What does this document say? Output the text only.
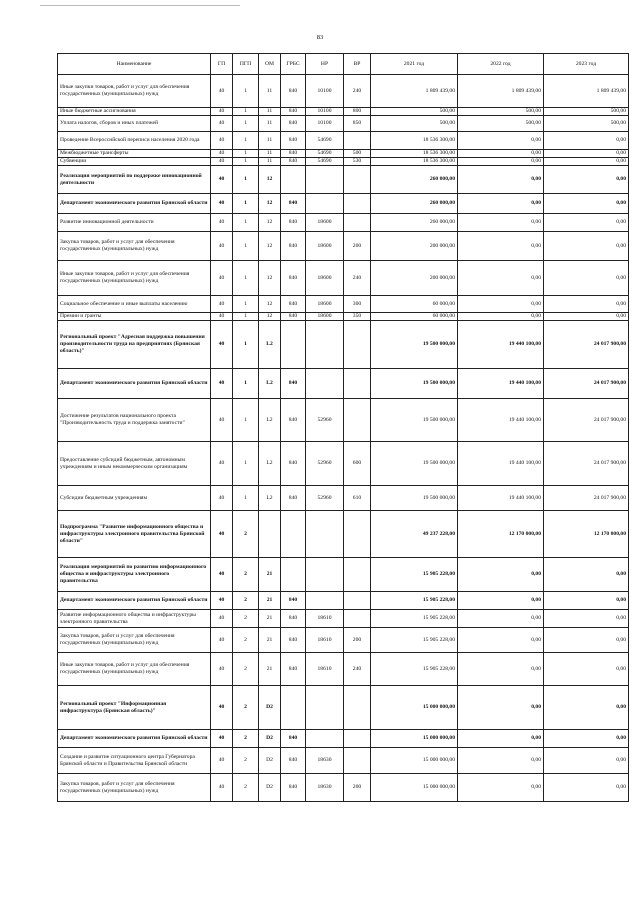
83
Наименование	ГП	ПГП	ОМ	ГРБС	НР	ВР	2021 год	2022 год	2023 год
Иные закупки товаров, работ и услуг для обеспечения государственных (муниципальных) нужд	40	1	11	840	10100	240	1 809 439,00	1 809 439,00	1 809 439,00
Иные бюджетные ассигнования	40	1	11	840	10100	800	500,00	500,00	500,00
Уплата налогов, сборов и иных платежей	40	1	11	840	10100	850	500,00	500,00	500,00
Проведение Всероссийской переписи населения 2020 года	40	1	11	840	54690		18 536 300,00	0,00	0,00
Межбюджетные трансферты	40	1	11	840	54690	500	18 536 300,00	0,00	0,00
Субвенции	40	1	11	840	54690	530	18 536 300,00	0,00	0,00
Реализация мероприятий по поддержке инновационной деятельности	40	1	12				260 000,00	0,00	0,00
Департамент экономического развития Брянской области	40	1	12	840			260 000,00	0,00	0,00
Развитие инновационной деятельности	40	1	12	840	18600		260 000,00	0,00	0,00
Закупка товаров, работ и услуг для обеспечения государственных (муниципальных) нужд	40	1	12	840	18600	200	200 000,00	0,00	0,00
Иные закупки товаров, работ и услуг для обеспечения государственных (муниципальных) нужд	40	1	12	840	18600	240	200 000,00	0,00	0,00
Социальное обеспечение и иные выплаты населению	40	1	12	840	18600	300	60 000,00	0,00	0,00
Премии и гранты	40	1	12	840	18600	350	60 000,00	0,00	0,00
Региональный проект "Адресная поддержка повышения производительности труда на предприятиях (Брянская область)"	40	1	L2				19 500 000,00	19 440 100,00	24 017 900,00
Департамент экономического развития Брянской области	40	1	L2	840			19 500 000,00	19 440 100,00	24 017 900,00
Достижение результатов национального проекта "Производительность труда и поддержка занятости"	40	1	L2	840	52960		19 500 000,00	19 440 100,00	24 017 900,00
Предоставление субсидий бюджетным, автономным учреждениям и иным некоммерческим организациям	40	1	L2	840	52960	600	19 500 000,00	19 440 100,00	24 017 900,00
Субсидии бюджетным учреждениям	40	1	L2	840	52960	610	19 500 000,00	19 440 100,00	24 017 900,00
Подпрограмма "Развитие информационного общества и инфраструктуры электронного правительства Брянской области"	40	2					49 237 228,00	12 170 000,00	12 170 000,00
Реализация мероприятий по развитию информационного общества и инфраструктуры электронного правительства	40	2	21				15 905 228,00	0,00	0,00
Департамент экономического развития Брянской области	40	2	21	840			15 905 228,00	0,00	0,00
Развитие информационного общества и инфраструктуры электронного правительства	40	2	21	840	18610		15 905 228,00	0,00	0,00
Закупка товаров, работ и услуг для обеспечения государственных (муниципальных) нужд	40	2	21	840	18610	200	15 905 228,00	0,00	0,00
Иные закупки товаров, работ и услуг для обеспечения государственных (муниципальных) нужд	40	2	21	840	18610	240	15 905 228,00	0,00	0,00
Региональный проект "Информационная инфраструктура (Брянская область)"	40	2	D2				15 000 000,00	0,00	0,00
Департамент экономического развития Брянской области	40	2	D2	840			15 000 000,00	0,00	0,00
Создание и развитие ситуационного центра Губернатора Брянской области и Правительства Брянской области	40	2	D2	840	18630		15 000 000,00	0,00	0,00
Закупка товаров, работ и услуг для обеспечения государственных (муниципальных) нужд	40	2	D2	840	18630	200	15 000 000,00	0,00	0,00
